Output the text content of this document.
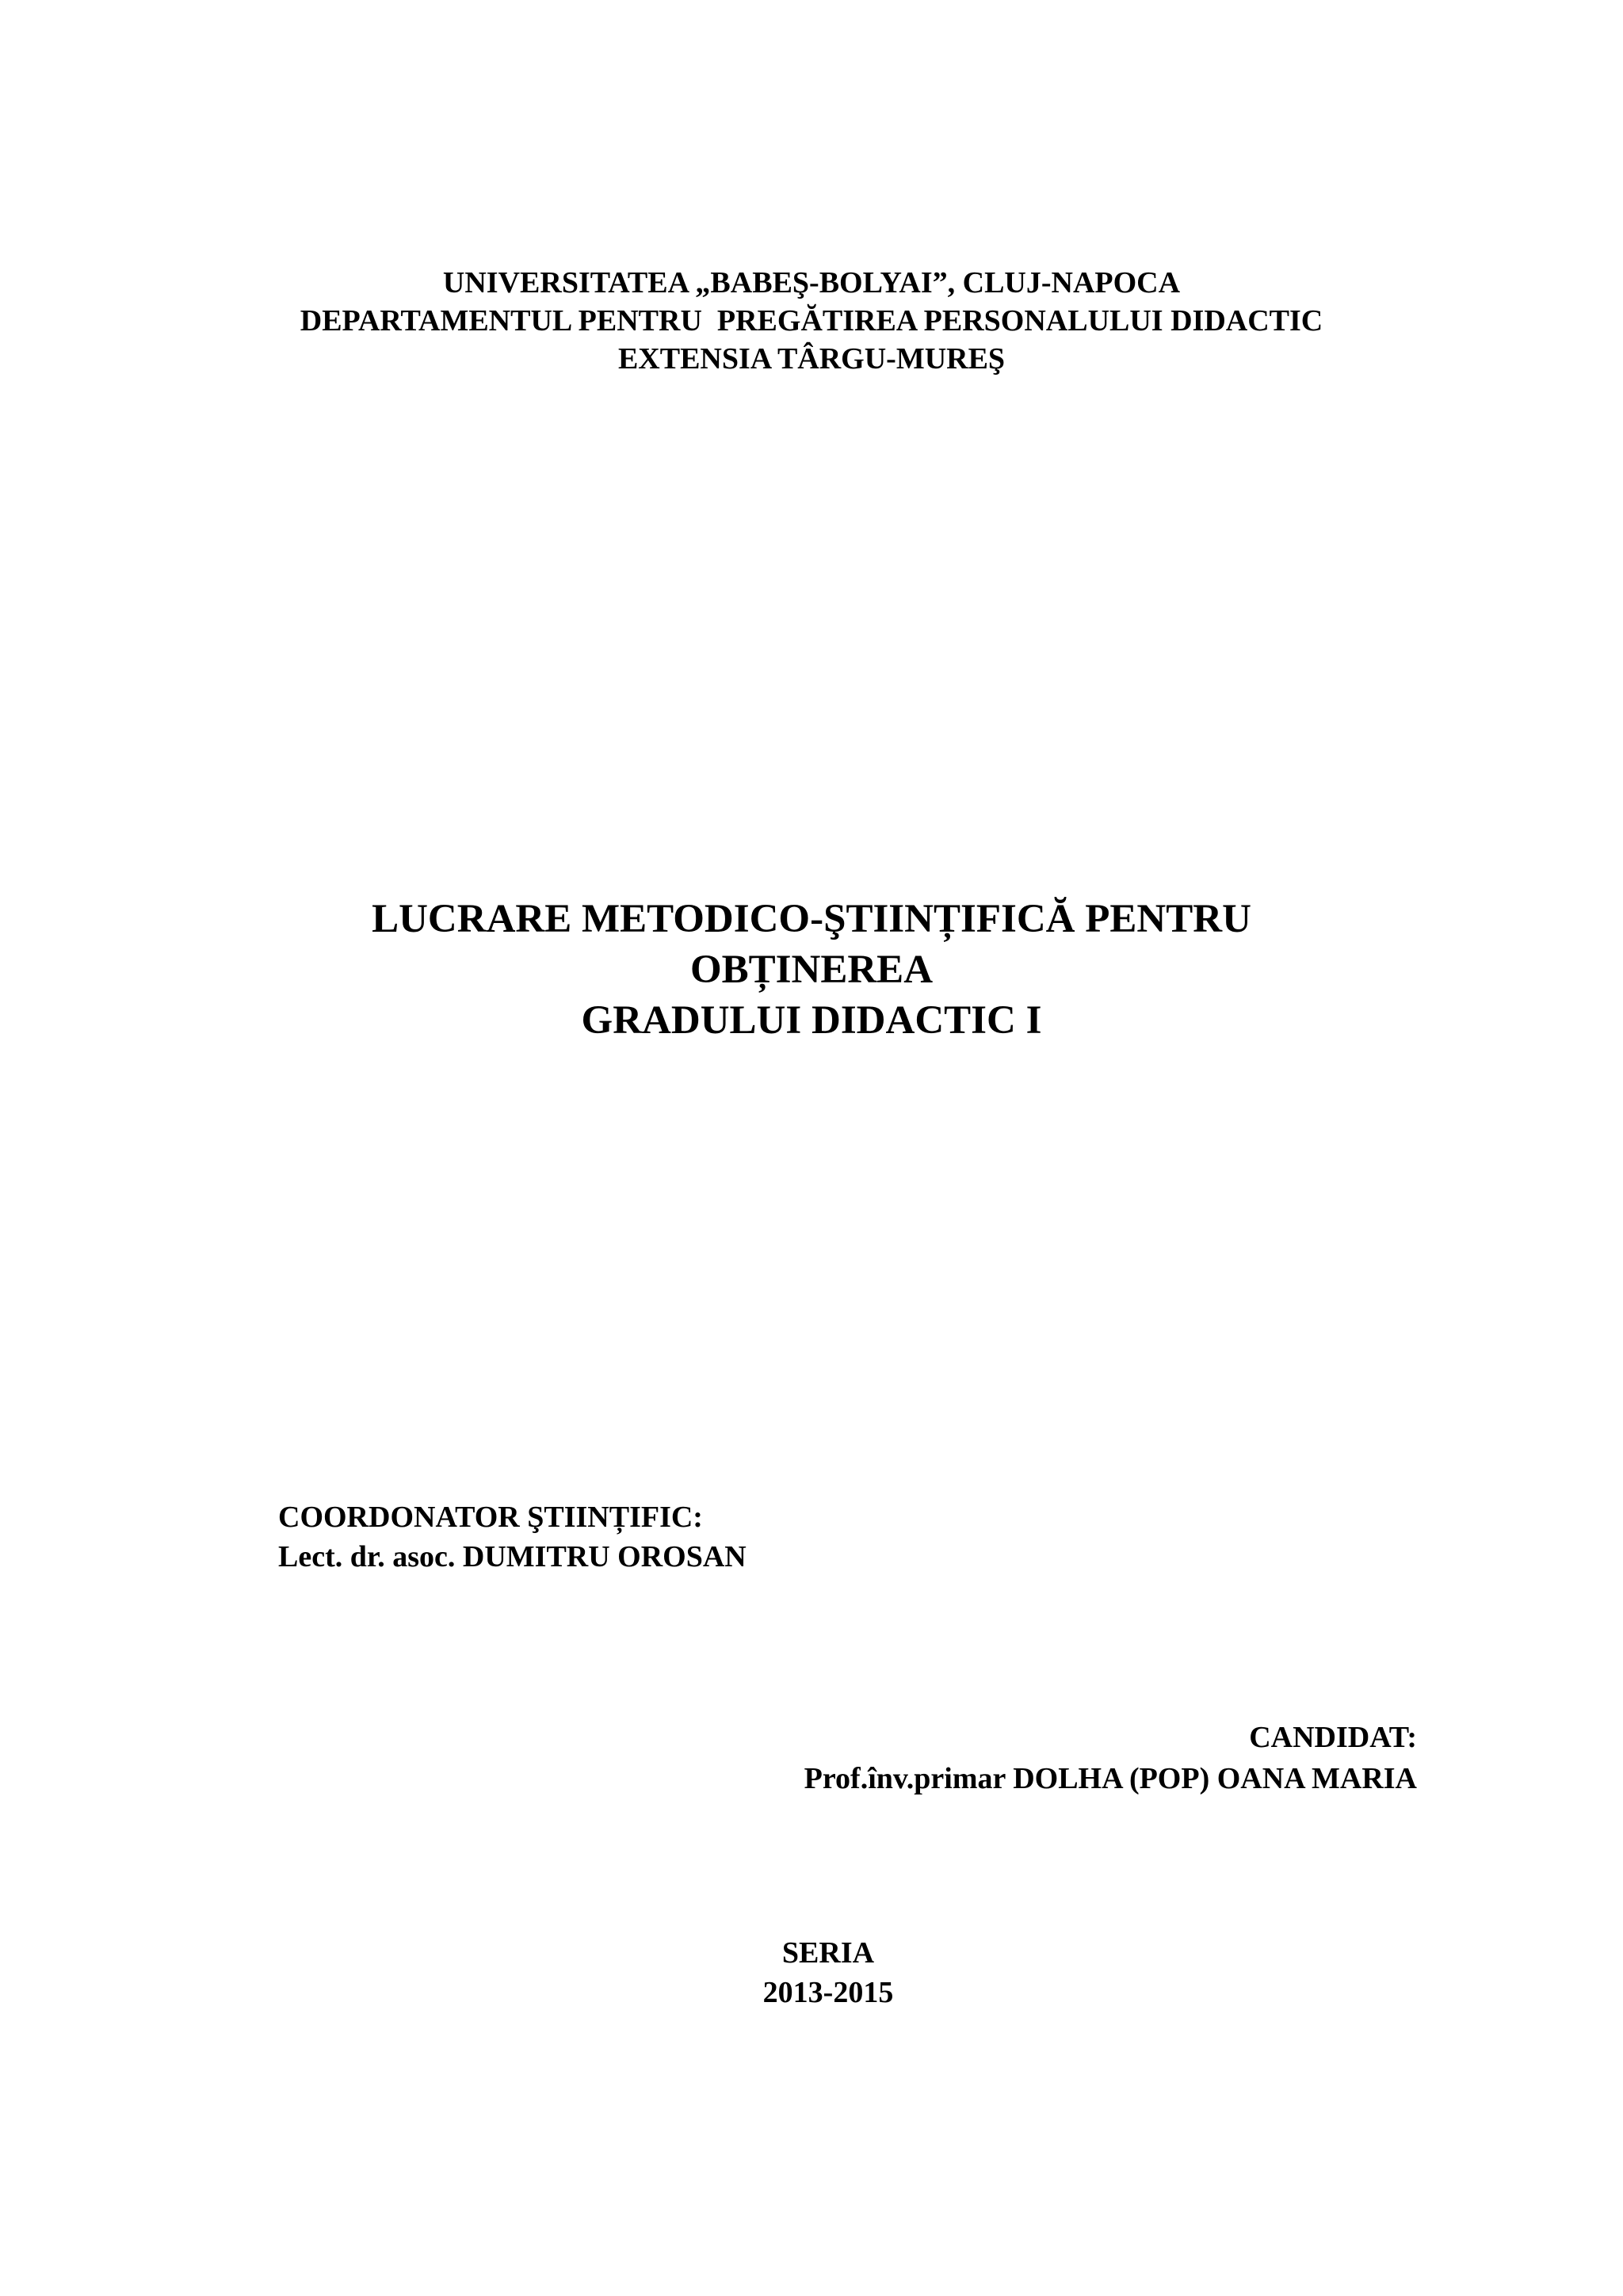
UNIVERSITATEA „BABEŞ-BOLYAI”, CLUJ-NAPOCA
DEPARTAMENTUL PENTRU  PREGĂTIREA PERSONALULUI DIDACTIC
EXTENSIA TÂRGU-MUREŞ
LUCRARE METODICO-ŞTIINȚIFICĂ PENTRU
OBȚINEREA
GRADULUI DIDACTIC I
COORDONATOR ŞTIINȚIFIC:
Lect. dr. asoc. DUMITRU OROSAN
CANDIDAT:
Prof.înv.primar DOLHA (POP) OANA MARIA
SERIA
2013-2015
